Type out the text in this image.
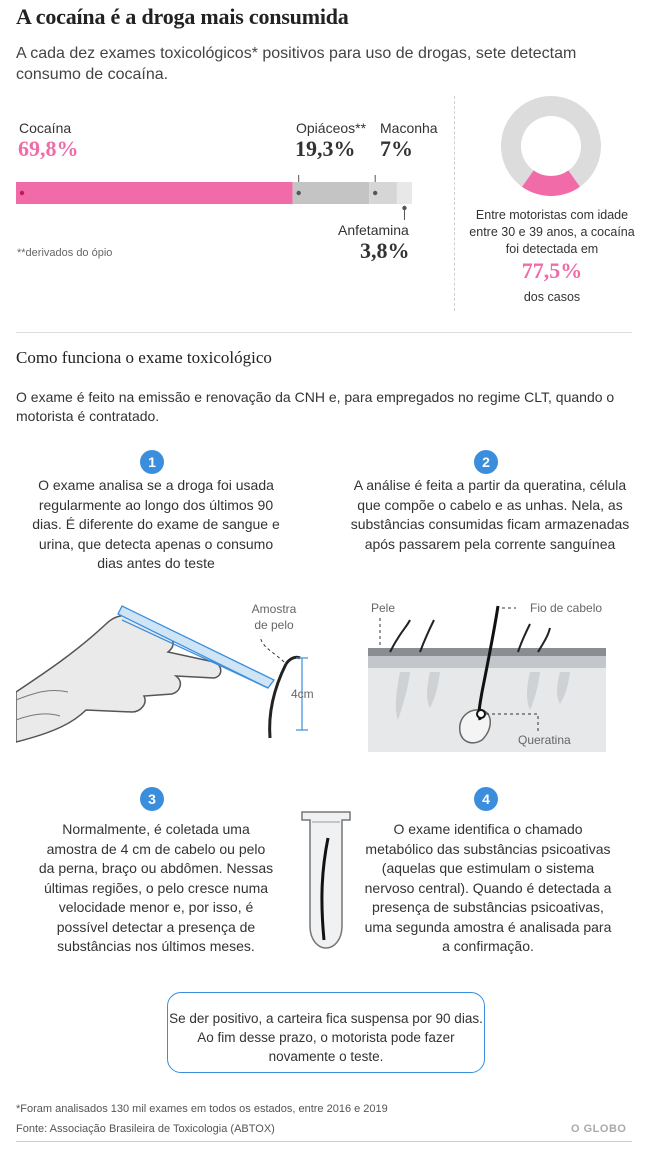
A cocaína é a droga mais consumida
A cada dez exames toxicológicos* positivos para uso de drogas, sete detectam consumo de cocaína.
Cocaína
69,8%
Opiáceos**
19,3%
Maconha
7%
Anfetamina
3,8%
**derivados do ópio
Entre motoristas com idade entre 30 e 39 anos, a cocaína foi detectada em
77,5%
dos casos
Como funciona o exame toxicológico
O exame é feito na emissão e renovação da CNH e, para empregados no regime CLT, quando o motorista é contratado.
1
O exame analisa se a droga foi usada regularmente ao longo dos últimos 90 dias. É diferente do exame de sangue e urina, que detecta apenas o consumo dias antes do teste
2
A análise é feita a partir da queratina, célula que compõe o cabelo e as unhas. Nela, as substâncias consumidas ficam armazenadas após passarem pela corrente sanguínea
Amostra de pelo
4cm
Pele	Fio de cabelo
Queratina
3
Normalmente, é coletada uma amostra de 4 cm de cabelo ou pelo da perna, braço ou abdômen. Nessas últimas regiões, o pelo cresce numa velocidade menor e, por isso, é possível detectar a presença de substâncias nos últimos meses.
4
O exame identifica o chamado metabólico das substâncias psicoativas (aquelas que estimulam o sistema nervoso central). Quando é detectada a presença de substâncias psicoativas, uma segunda amostra é analisada para a confirmação.
Se der positivo, a carteira fica suspensa por 90 dias. Ao fim desse prazo, o motorista pode fazer novamente o teste.
*Foram analisados 130 mil exames em todos os estados, entre 2016 e 2019
Fonte: Associação Brasileira de Toxicologia (ABTOX)	O GLOBO
